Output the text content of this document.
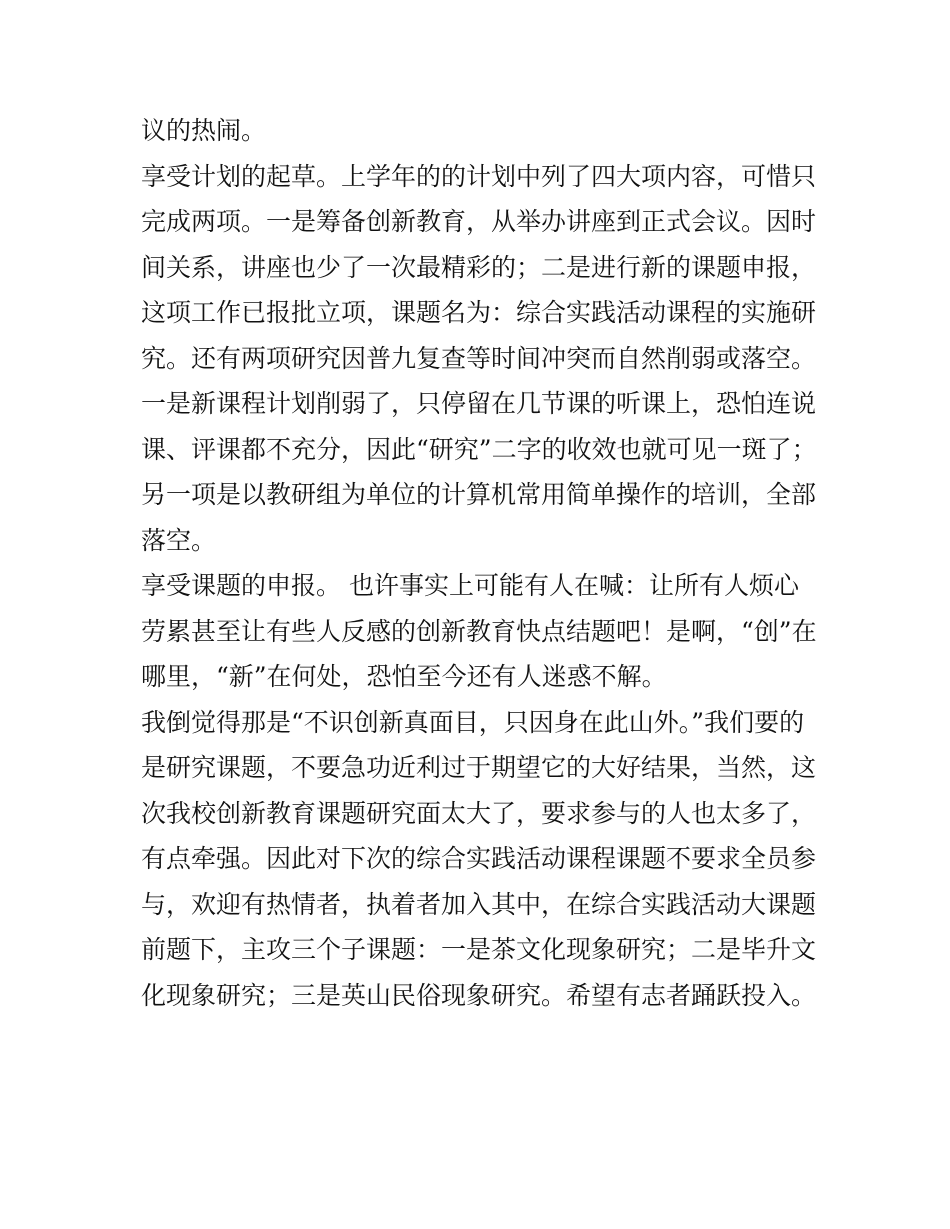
议的热闹。
享受计划的起草。上学年的的计划中列了四大项内容，可惜只
完成两项。一是筹备创新教育，从举办讲座到正式会议。因时
间关系，讲座也少了一次最精彩的；二是进行新的课题申报，
这项工作已报批立项，课题名为：综合实践活动课程的实施研
究。还有两项研究因普九复查等时间冲突而自然削弱或落空。
一是新课程计划削弱了，只停留在几节课的听课上，恐怕连说
课、评课都不充分，因此“研究”二字的收效也就可见一斑了；
另一项是以教研组为单位的计算机常用简单操作的培训，全部
落空。
享受课题的申报。 也许事实上可能有人在喊：让所有人烦心
劳累甚至让有些人反感的创新教育快点结题吧！是啊，“创”在
哪里，“新”在何处，恐怕至今还有人迷惑不解。
我倒觉得那是“不识创新真面目，只因身在此山外。”我们要的
是研究课题，不要急功近利过于期望它的大好结果，当然，这
次我校创新教育课题研究面太大了，要求参与的人也太多了，
有点牵强。因此对下次的综合实践活动课程课题不要求全员参
与，欢迎有热情者，执着者加入其中，在综合实践活动大课题
前题下，主攻三个子课题：一是茶文化现象研究；二是毕升文
化现象研究；三是英山民俗现象研究。希望有志者踊跃投入。
